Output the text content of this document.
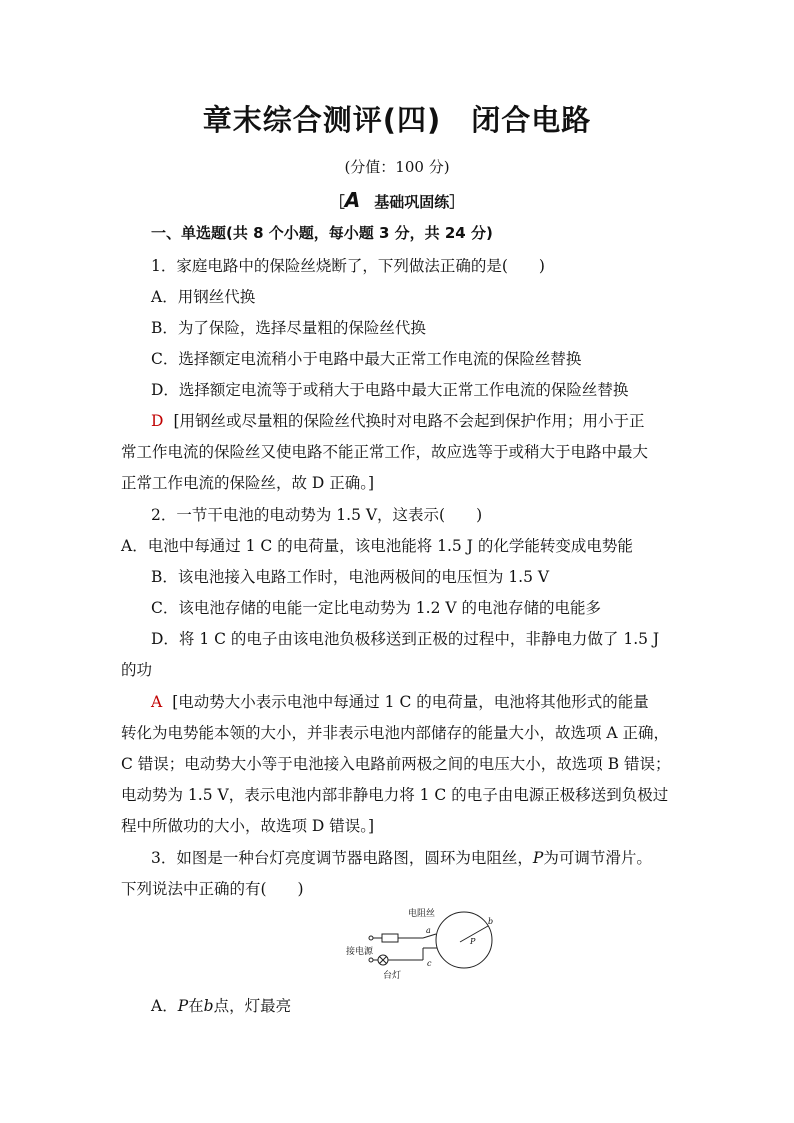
章末综合测评(四) 闭合电路
(分值：100 分)
［A 基础巩固练］
一、单选题(共 8 个小题，每小题 3 分，共 24 分)
1．家庭电路中的保险丝烧断了，下列做法正确的是(　　)
A．用钢丝代换
B．为了保险，选择尽量粗的保险丝代换
C．选择额定电流稍小于电路中最大正常工作电流的保险丝替换
D．选择额定电流等于或稍大于电路中最大正常工作电流的保险丝替换
D [用钢丝或尽量粗的保险丝代换时对电路不会起到保护作用；用小于正
常工作电流的保险丝又使电路不能正常工作，故应选等于或稍大于电路中最大
正常工作电流的保险丝，故 D 正确。]
2．一节干电池的电动势为 1.5 V，这表示(　　)
A．电池中每通过 1 C 的电荷量，该电池能将 1.5 J 的化学能转变成电势能
B．该电池接入电路工作时，电池两极间的电压恒为 1.5 V
C．该电池存储的电能一定比电动势为 1.2 V 的电池存储的电能多
D．将 1 C 的电子由该电池负极移送到正极的过程中，非静电力做了 1.5 J
的功
A [电动势大小表示电池中每通过 1 C 的电荷量，电池将其他形式的能量
转化为电势能本领的大小，并非表示电池内部储存的能量大小，故选项 A 正确，
C 错误；电动势大小等于电池接入电路前两极之间的电压大小，故选项 B 错误；
电动势为 1.5 V，表示电池内部非静电力将 1 C 的电子由电源正极移送到负极过
程中所做功的大小，故选项 D 错误。]
3．如图是一种台灯亮度调节器电路图，圆环为电阻丝，P为可调节滑片。
下列说法中正确的有(　　)
电阻丝
接电源
台灯
a
b
c
P
A．P在b点，灯最亮
